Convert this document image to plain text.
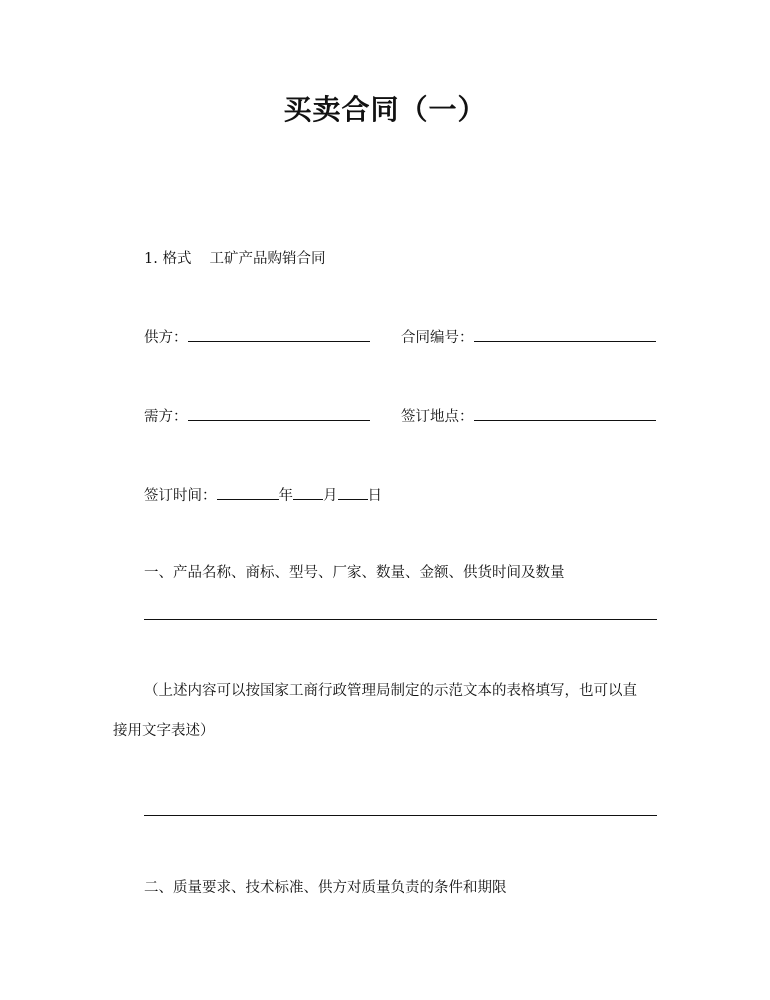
买卖合同（一）
1. 格式 工矿产品购销合同
供方：	合同编号：
需方：	签订地点：
签订时间：	年 月 日
一、产品名称、商标、型号、厂家、数量、金额、供货时间及数量
（上述内容可以按国家工商行政管理局制定的示范文本的表格填写，也可以直
接用文字表述）
二、质量要求、技术标准、供方对质量负责的条件和期限
